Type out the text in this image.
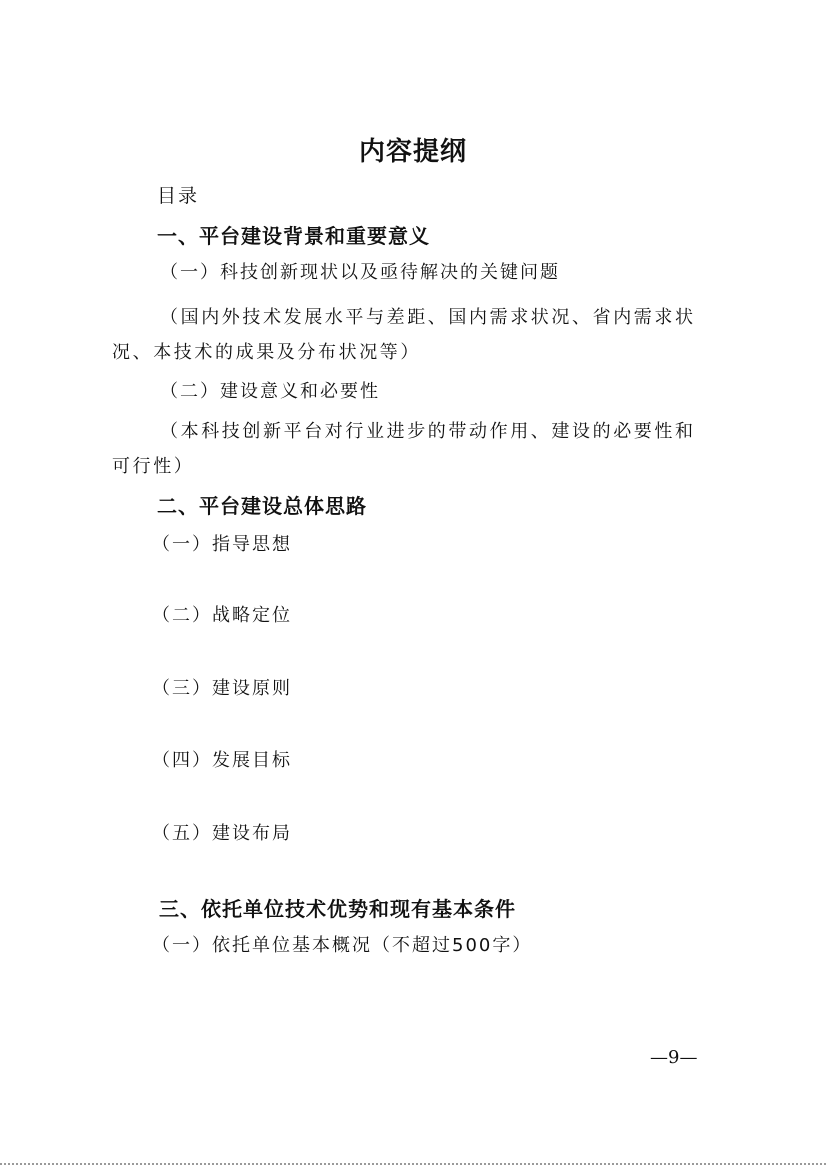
内容提纲
目录
一、平台建设背景和重要意义
（一）科技创新现状以及亟待解决的关键问题
（国内外技术发展水平与差距、国内需求状况、省内需求状
况、本技术的成果及分布状况等）
（二）建设意义和必要性
（本科技创新平台对行业进步的带动作用、建设的必要性和
可行性）
二、平台建设总体思路
（一）指导思想
（二）战略定位
（三）建设原则
（四）发展目标
（五）建设布局
三、依托单位技术优势和现有基本条件
（一）依托单位基本概况（不超过500字）
—9—
